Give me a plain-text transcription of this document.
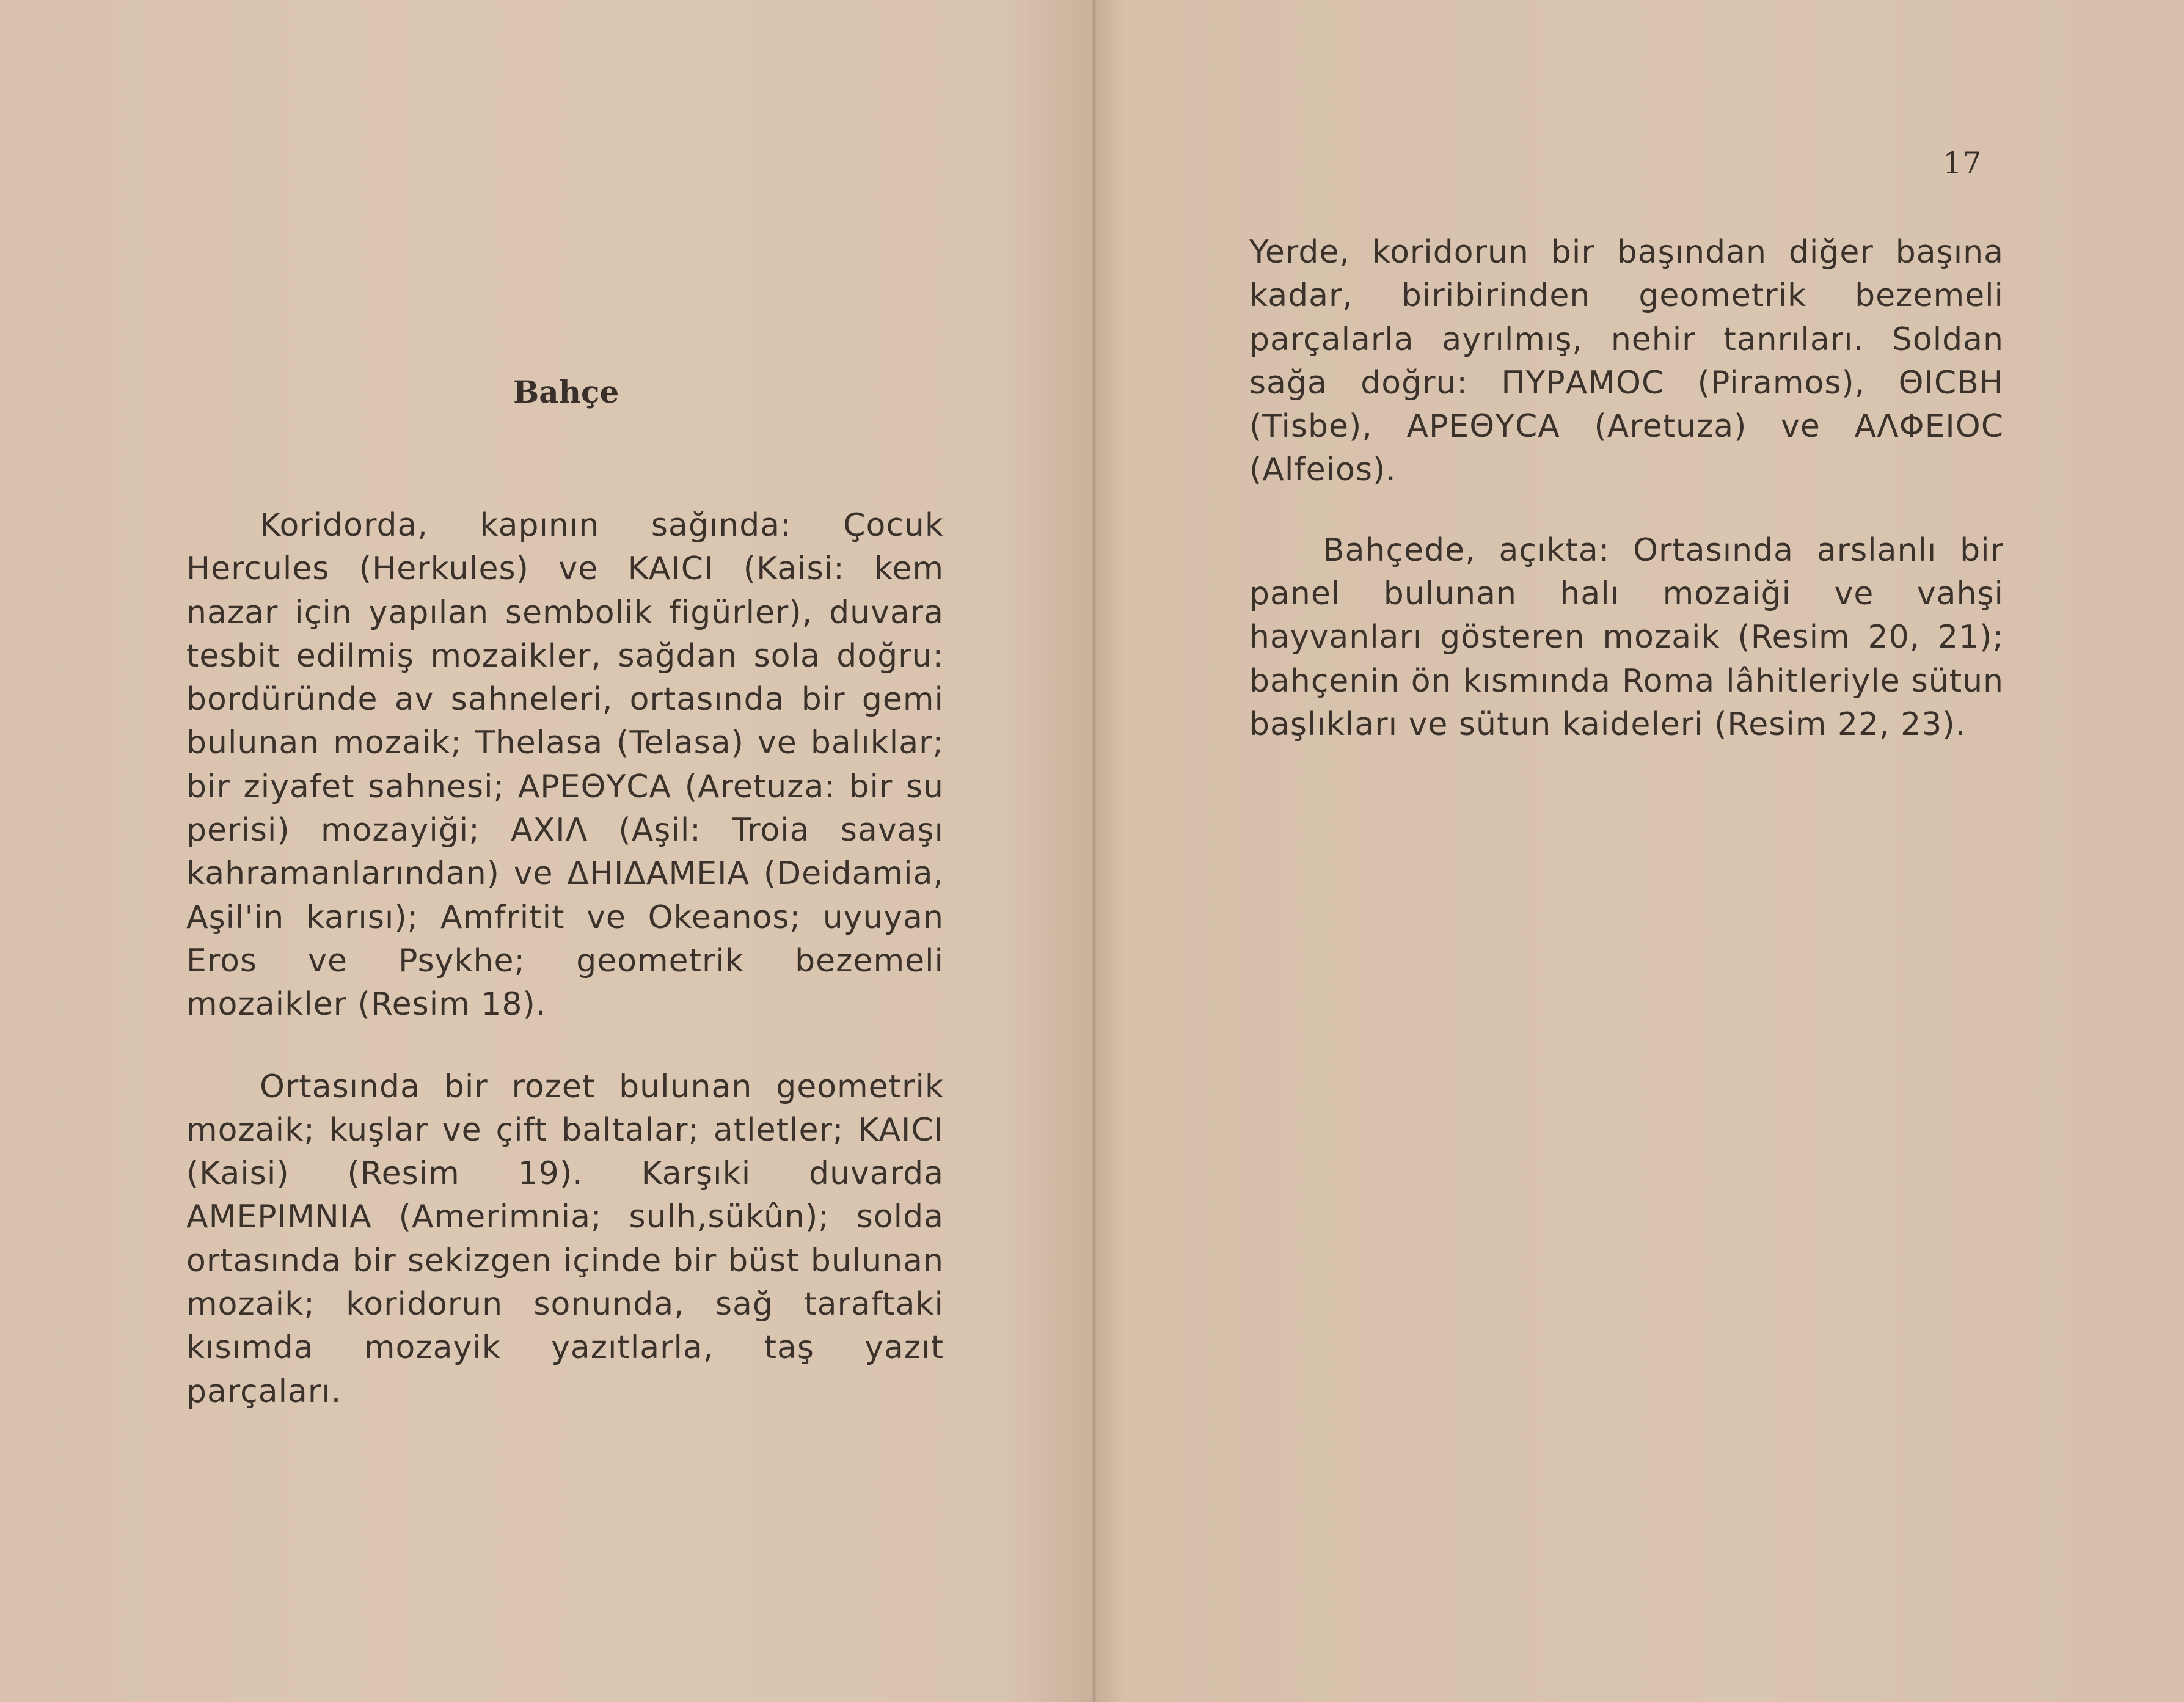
Bahçe

Koridorda, kapının sağında: Çocuk Hercules (Herkules) ve KAICI (Kaisi: kem nazar için yapılan sembolik figürler), duvara tesbit edilmiş mozaikler, sağdan sola doğru: bordüründe av sahneleri, ortasında bir gemi bulunan mozaik; Thelasa (Telasa) ve balıklar; bir ziyafet sahnesi; ΑΡΕΘΥϹΑ (Aretuza: bir su perisi) mozayiği; ΑΧΙΛ (Aşil: Troia savaşı kahramanlarından) ve ΔΗΙΔΑΜΕΙΑ (Deidamia, Aşil'in karısı); Amfritit ve Okeanos; uyuyan Eros ve Psykhe; geometrik bezemeli mozaikler (Resim 18).

Ortasında bir rozet bulunan geometrik mozaik; kuşlar ve çift baltalar; atletler; KAICI (Kaisi) (Resim 19). Karşıki duvarda AMEPIMNIA (Amerimnia; sulh,sükûn); solda ortasında bir sekizgen içinde bir büst bulunan mozaik; koridorun sonunda, sağ taraftaki kısımda mozayik yazıtlarla, taş yazıt parçaları.

17

Yerde, koridorun bir başından diğer başına kadar, biribirinden geometrik bezemeli parçalarla ayrılmış, nehir tanrıları. Soldan sağa doğru: ΠΥΡΑΜΟϹ (Piramos), ΘΙϹΒΗ (Tisbe), ΑΡΕΘΥϹΑ (Aretuza) ve ΑΛΦΕΙΟϹ (Alfeios).

Bahçede, açıkta: Ortasında arslanlı bir panel bulunan halı mozaiği ve vahşi hayvanları gösteren mozaik (Resim 20, 21); bahçenin ön kısmında Roma lâhitleriyle sütun başlıkları ve sütun kaideleri (Resim 22, 23).
